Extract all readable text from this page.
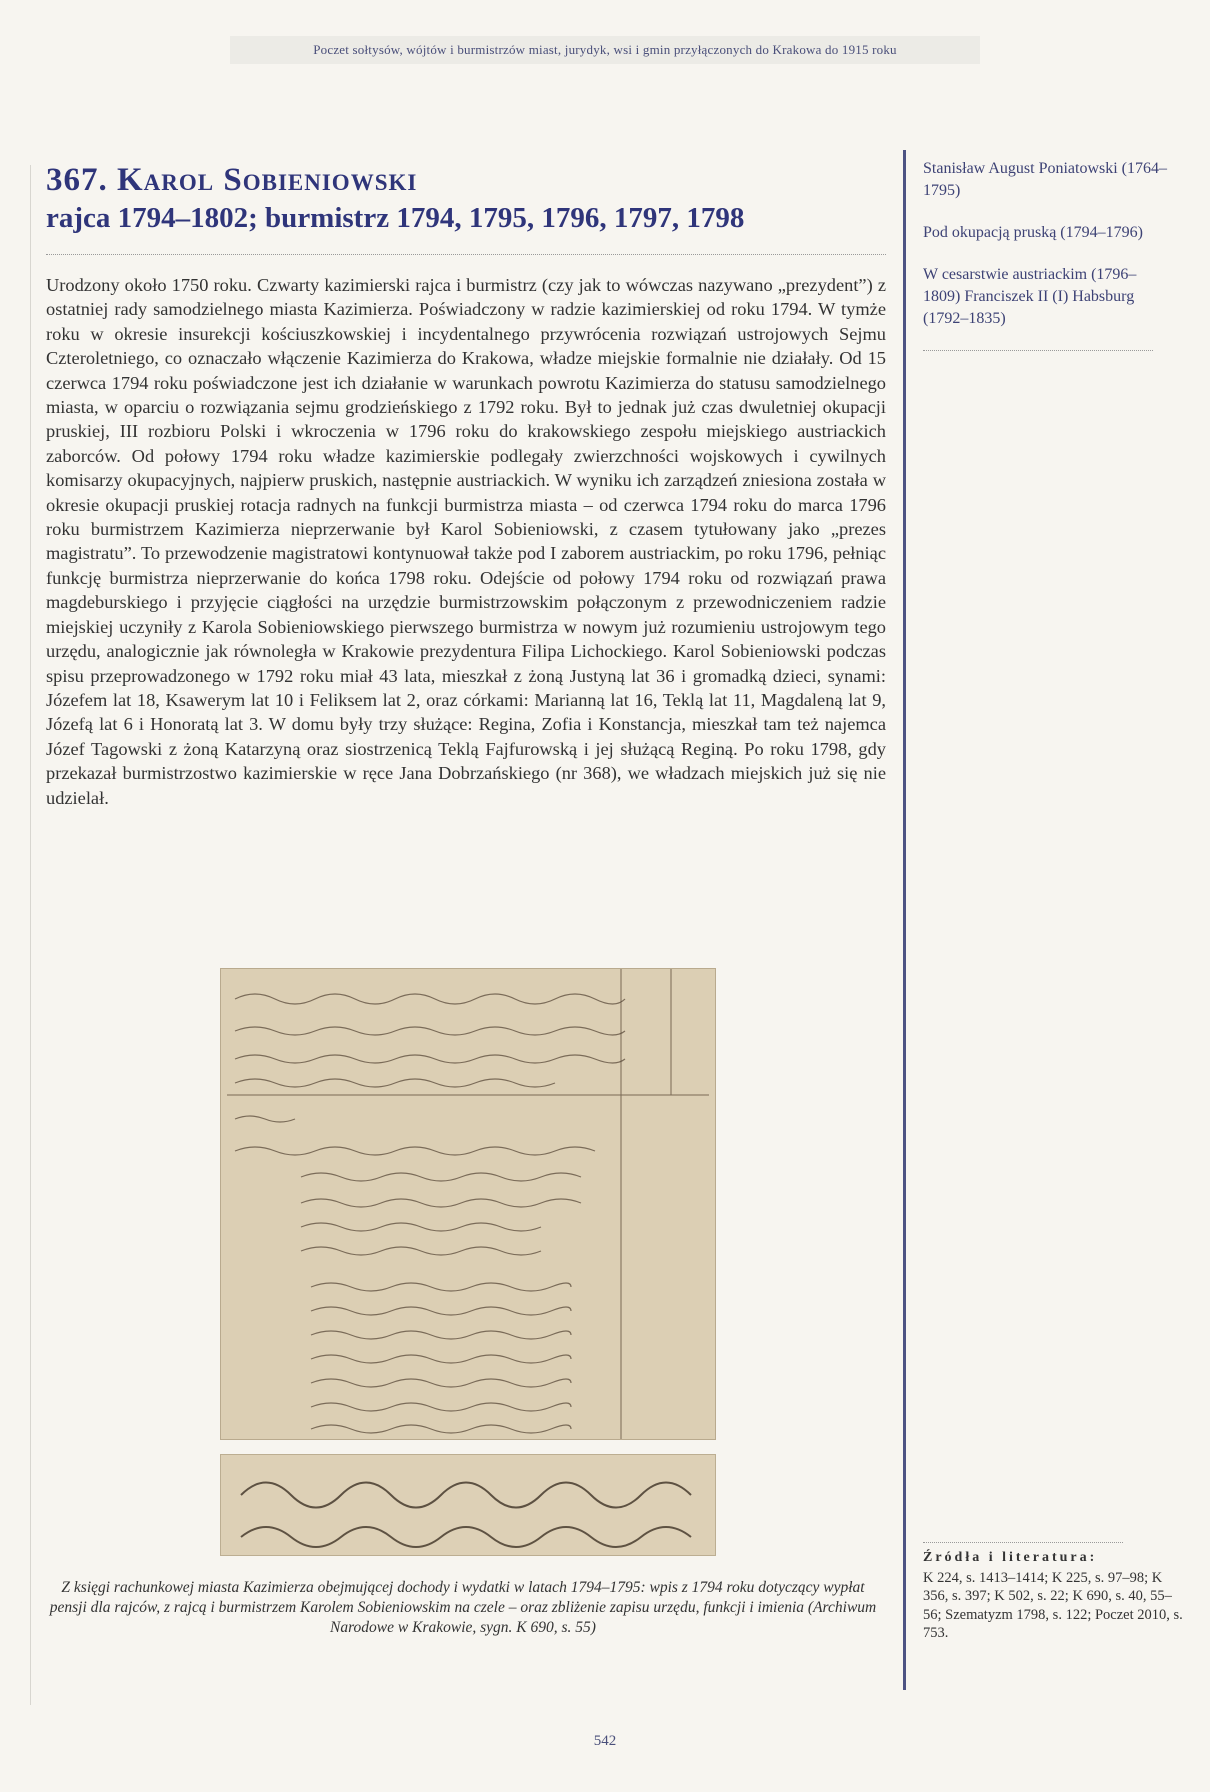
Poczet sołtysów, wójtów i burmistrzów miast, jurydyk, wsi i gmin przyłączonych do Krakowa do 1915 roku
367. Karol Sobieniowski
rajca 1794–1802; burmistrz 1794, 1795, 1796, 1797, 1798

Urodzony około 1750 roku. Czwarty kazimierski rajca i burmistrz (czy jak to wówczas nazywano „prezydent”) z ostatniej rady samodzielnego miasta Kazimierza. Poświadczony w radzie kazimierskiej od roku 1794. W tymże roku w okresie insurekcji kościuszkowskiej i incydentalnego przywrócenia rozwiązań ustrojowych Sejmu Czteroletniego, co oznaczało włączenie Kazimierza do Krakowa, władze miejskie formalnie nie działały. Od 15 czerwca 1794 roku poświadczone jest ich działanie w warunkach powrotu Kazimierza do statusu samodzielnego miasta, w oparciu o rozwiązania sejmu grodzieńskiego z 1792 roku. Był to jednak już czas dwuletniej okupacji pruskiej, III rozbioru Polski i wkroczenia w 1796 roku do krakowskiego zespołu miejskiego austriackich zaborców. Od połowy 1794 roku władze kazimierskie podlegały zwierzchności wojskowych i cywilnych komisarzy okupacyjnych, najpierw pruskich, następnie austriackich. W wyniku ich zarządzeń zniesiona została w okresie okupacji pruskiej rotacja radnych na funkcji burmistrza miasta – od czerwca 1794 roku do marca 1796 roku burmistrzem Kazimierza nieprzerwanie był Karol Sobieniowski, z czasem tytułowany jako „prezes magistratu”. To przewodzenie magistratowi kontynuował także pod I zaborem austriackim, po roku 1796, pełniąc funkcję burmistrza nieprzerwanie do końca 1798 roku. Odejście od połowy 1794 roku od rozwiązań prawa magdeburskiego i przyjęcie ciągłości na urzędzie burmistrzowskim połączonym z przewodniczeniem radzie miejskiej uczyniły z Karola Sobieniowskiego pierwszego burmistrza w nowym już rozumieniu ustrojowym tego urzędu, analogicznie jak równoległa w Krakowie prezydentura Filipa Lichockiego. Karol Sobieniowski podczas spisu przeprowadzonego w 1792 roku miał 43 lata, mieszkał z żoną Justyną lat 36 i gromadką dzieci, synami: Józefem lat 18, Ksawerym lat 10 i Feliksem lat 2, oraz córkami: Marianną lat 16, Teklą lat 11, Magdaleną lat 9, Józefą lat 6 i Honoratą lat 3. W domu były trzy służące: Regina, Zofia i Konstancja, mieszkał tam też najemca Józef Tagowski z żoną Katarzyną oraz siostrzenicą Teklą Fajfurowską i jej służącą Reginą. Po roku 1798, gdy przekazał burmistrzostwo kazimierskie w ręce Jana Dobrzańskiego (nr 368), we władzach miejskich już się nie udzielał.

Z księgi rachunkowej miasta Kazimierza obejmującej dochody i wydatki w latach 1794–1795: wpis z 1794 roku dotyczący wypłat pensji dla rajców, z rajcą i burmistrzem Karolem Sobieniowskim na czele – oraz zbliżenie zapisu urzędu, funkcji i imienia (Archiwum Narodowe w Krakowie, sygn. K 690, s. 55)
Stanisław August Poniatowski (1764–1795)
Pod okupacją pruską (1794–1796)
W cesarstwie austriackim (1796–1809) Franciszek II (I) Habsburg (1792–1835)
Źródła i literatura:
K 224, s. 1413–1414; K 225, s. 97–98; K 356, s. 397; K 502, s. 22; K 690, s. 40, 55–56; Szematyzm 1798, s. 122; Poczet 2010, s. 753.
542
